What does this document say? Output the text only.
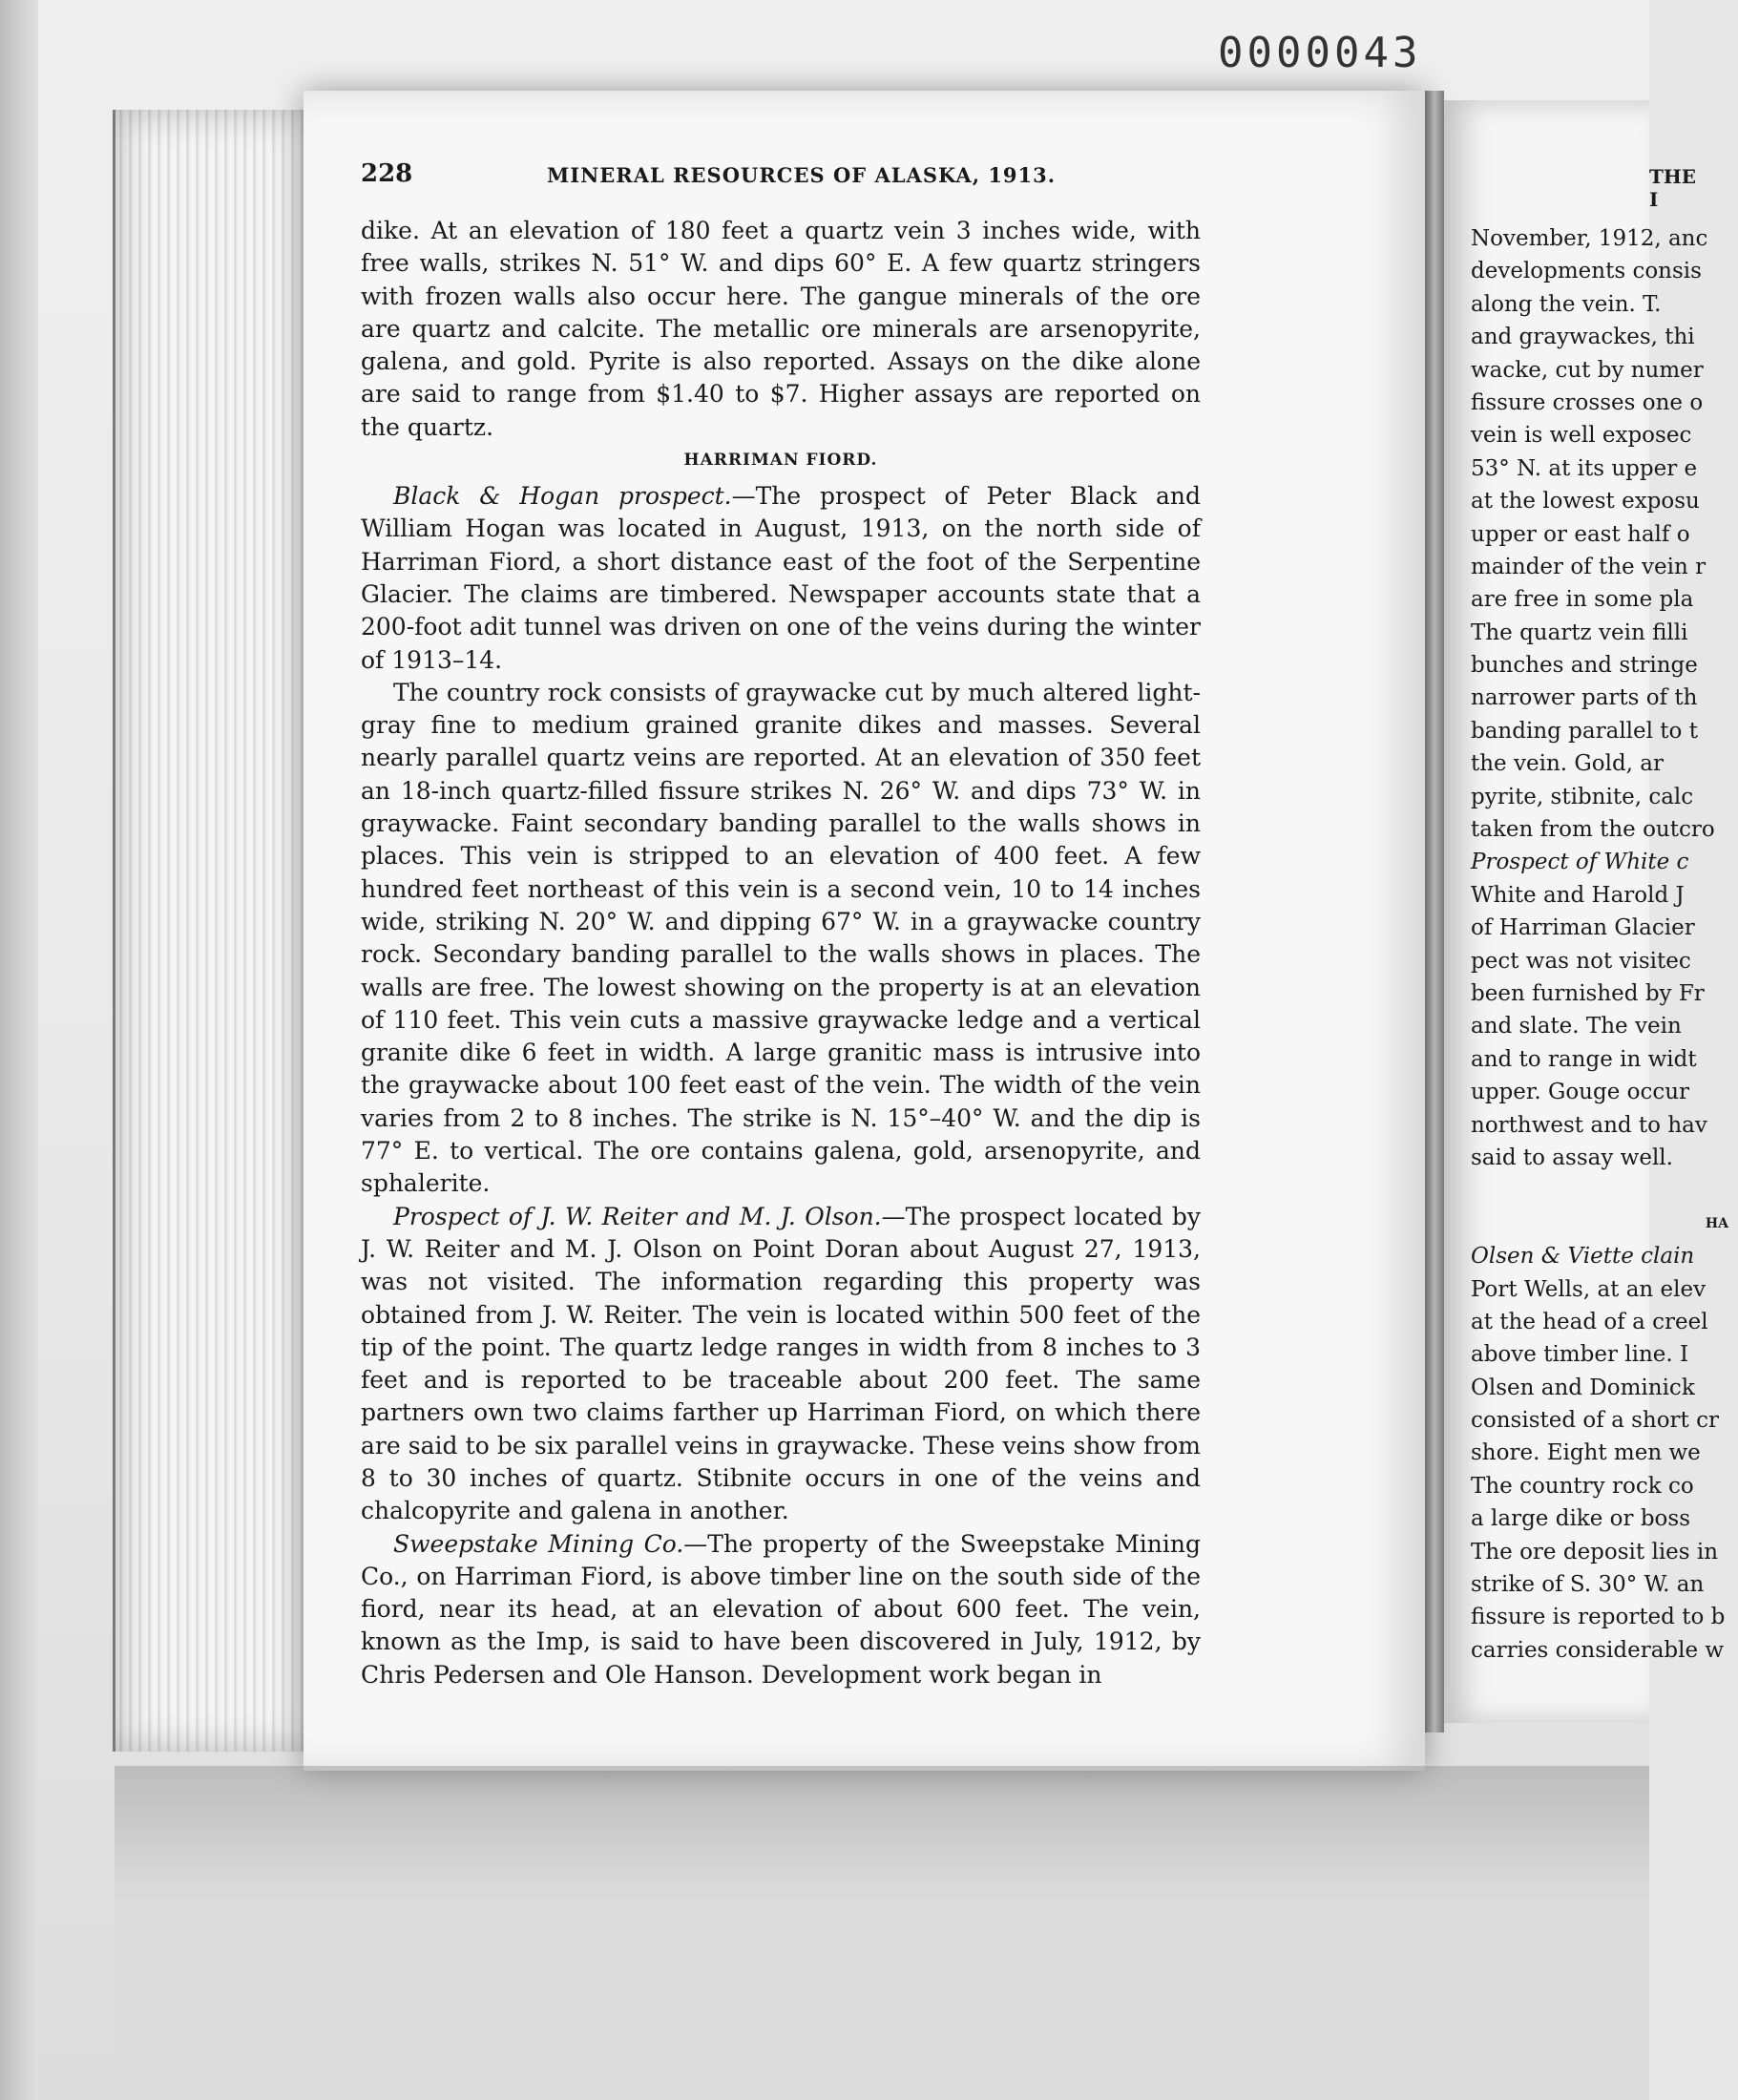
0000043
228	MINERAL RESOURCES OF ALASKA, 1913.

dike. At an elevation of 180 feet a quartz vein 3 inches wide, with free walls, strikes N. 51° W. and dips 60° E. A few quartz stringers with frozen walls also occur here. The gangue minerals of the ore are quartz and calcite. The metallic ore minerals are arsenopyrite, galena, and gold. Pyrite is also reported. Assays on the dike alone are said to range from $1.40 to $7. Higher assays are reported on the quartz.

HARRIMAN FIORD.

Black & Hogan prospect.—The prospect of Peter Black and William Hogan was located in August, 1913, on the north side of Harriman Fiord, a short distance east of the foot of the Serpentine Glacier. The claims are timbered. Newspaper accounts state that a 200-foot adit tunnel was driven on one of the veins during the winter of 1913–14.

The country rock consists of graywacke cut by much altered light-gray fine to medium grained granite dikes and masses. Several nearly parallel quartz veins are reported. At an elevation of 350 feet an 18-inch quartz-filled fissure strikes N. 26° W. and dips 73° W. in graywacke. Faint secondary banding parallel to the walls shows in places. This vein is stripped to an elevation of 400 feet. A few hundred feet northeast of this vein is a second vein, 10 to 14 inches wide, striking N. 20° W. and dipping 67° W. in a graywacke country rock. Secondary banding parallel to the walls shows in places. The walls are free. The lowest showing on the property is at an elevation of 110 feet. This vein cuts a massive graywacke ledge and a vertical granite dike 6 feet in width. A large granitic mass is intrusive into the graywacke about 100 feet east of the vein. The width of the vein varies from 2 to 8 inches. The strike is N. 15°–40° W. and the dip is 77° E. to vertical. The ore contains galena, gold, arsenopyrite, and sphalerite.

Prospect of J. W. Reiter and M. J. Olson.—The prospect located by J. W. Reiter and M. J. Olson on Point Doran about August 27, 1913, was not visited. The information regarding this property was obtained from J. W. Reiter. The vein is located within 500 feet of the tip of the point. The quartz ledge ranges in width from 8 inches to 3 feet and is reported to be traceable about 200 feet. The same partners own two claims farther up Harriman Fiord, on which there are said to be six parallel veins in graywacke. These veins show from 8 to 30 inches of quartz. Stibnite occurs in one of the veins and chalcopyrite and galena in another.

Sweepstake Mining Co.—The property of the Sweepstake Mining Co., on Harriman Fiord, is above timber line on the south side of the fiord, near its head, at an elevation of about 600 feet. The vein, known as the Imp, is said to have been discovered in July, 1912, by Chris Pedersen and Ole Hanson. Development work began in

THE I
November, 1912, anc
developments consis
along the vein. T.
and graywackes, thi
wacke, cut by numer
fissure crosses one o
vein is well exposec
53° N. at its upper e
at the lowest exposu
upper or east half o
mainder of the vein r
are free in some pla
The quartz vein filli
bunches and stringe
narrower parts of th
banding parallel to t
the vein. Gold, ar
pyrite, stibnite, calc
taken from the outcro
Prospect of White c
White and Harold J
of Harriman Glacier
pect was not visitec
been furnished by Fr
and slate. The vein
and to range in widt
upper. Gouge occur
northwest and to hav
said to assay well.
HA
Olsen & Viette clain
Port Wells, at an elev
at the head of a creel
above timber line. I
Olsen and Dominick
consisted of a short cr
shore. Eight men we
The country rock co
a large dike or boss
The ore deposit lies in
strike of S. 30° W. an
fissure is reported to b
carries considerable w
